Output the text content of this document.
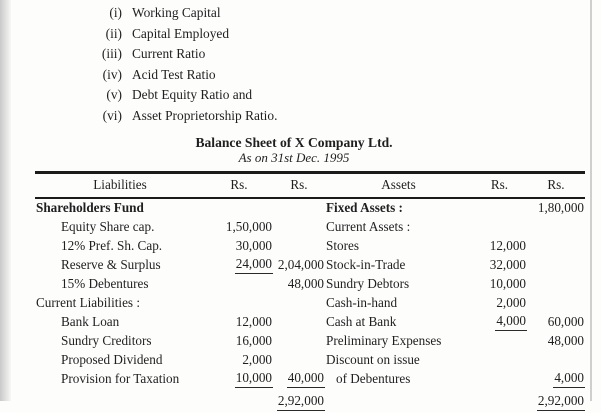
(i) Working Capital
(ii) Capital Employed
(iii) Current Ratio
(iv) Acid Test Ratio
(v) Debt Equity Ratio and
(vi) Asset Proprietorship Ratio.
Balance Sheet of X Company Ltd.
As on 31st Dec. 1995
Liabilities	Rs.	Rs.	Assets	Rs.	Rs.
Shareholders Fund			Fixed Assets :		1,80,000
Equity Share cap.	1,50,000		Current Assets :		
12% Pref. Sh. Cap.	30,000		Stores	12,000	
Reserve & Surplus	24,000	2,04,000	Stock-in-Trade	32,000	
15% Debentures		48,000	Sundry Debtors	10,000	
Current Liabilities :			Cash-in-hand	2,000	
Bank Loan	12,000		Cash at Bank	4,000	60,000
Sundry Creditors	16,000		Preliminary Expenses		48,000
Proposed Dividend	2,000		Discount on issue		
Provision for Taxation	10,000	40,000	of Debentures		4,000
		2,92,000			2,92,000
